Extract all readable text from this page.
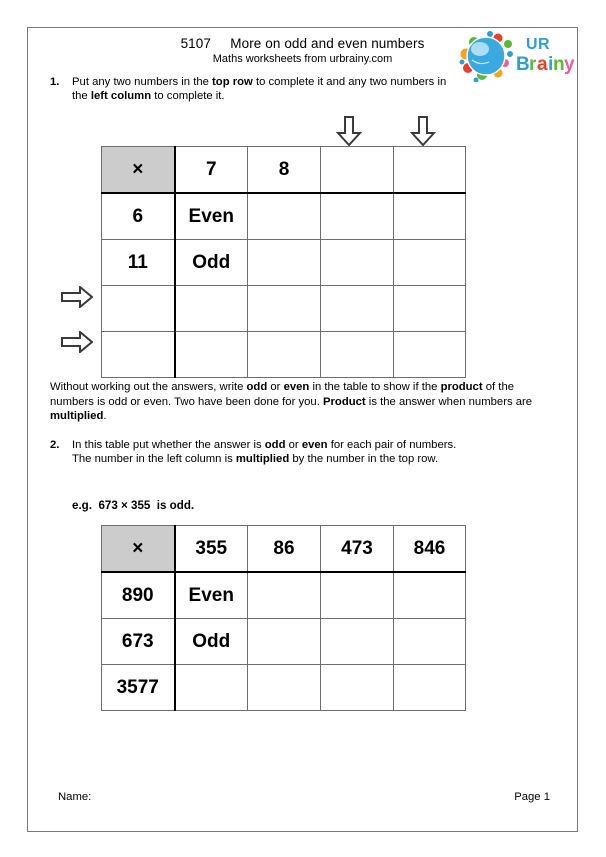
5107     More on odd and even numbers
Maths worksheets from urbrainy.com
U R
B r a i n y
1. Put any two numbers in the top row to complete it and any two numbers in the left column to complete it.
×	7	8		
6	Even			
11	Odd			

Without working out the answers, write odd or even in the table to show if the product of the numbers is odd or even. Two have been done for you. Product is the answer when numbers are multiplied.
2. In this table put whether the answer is odd or even for each pair of numbers. The number in the left column is multiplied by the number in the top row.
e.g. 673 × 355 is odd.
×	355	86	473	846
890	Even			
673	Odd			
3577				
Name:	Page 1
